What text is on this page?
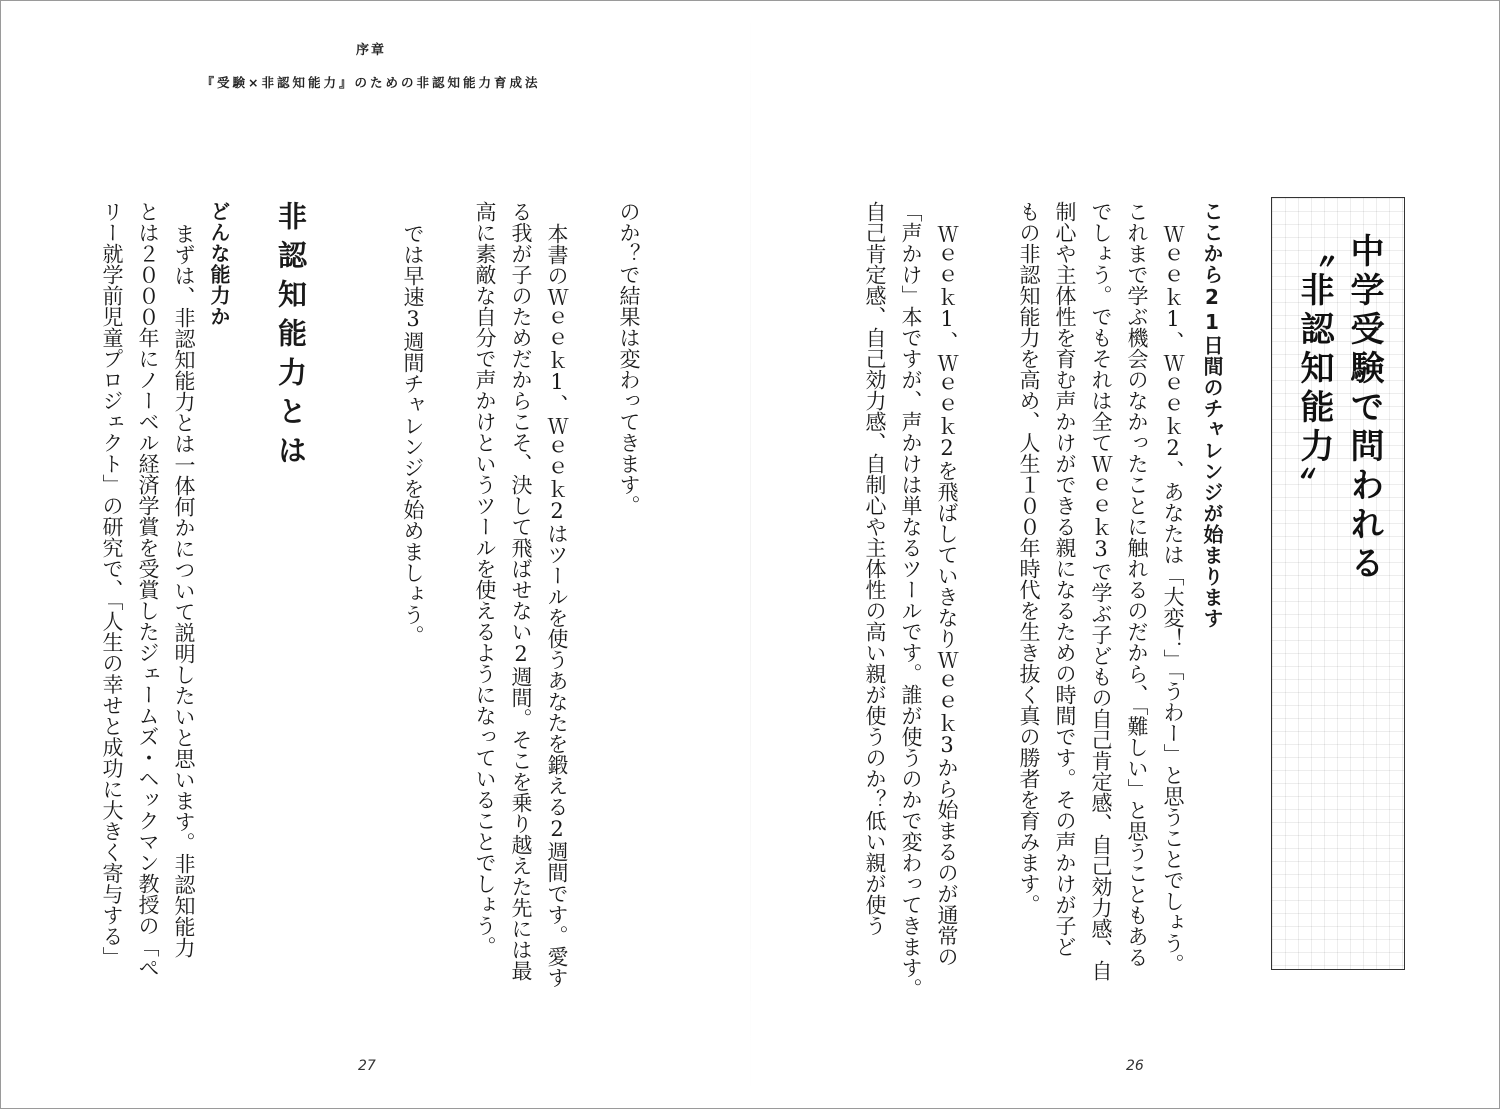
序章
『受験×非認知能力』のための非認知能力育成法
中学受験で問われる
〝非認知能力〟
ここから21日間のチャレンジが始まります
Ｗｅｅｋ1、Ｗｅｅｋ2、あなたは「大変！」「うわー」と思うことでしょう。
これまで学ぶ機会のなかったことに触れるのだから、「難しい」と思うこともある
でしょう。でもそれは全てＷｅｅｋ3で学ぶ子どもの自己肯定感、自己効力感、自
制心や主体性を育む声かけができる親になるための時間です。その声かけが子ど
もの非認知能力を高め、人生１００年時代を生き抜く真の勝者を育みます。
Ｗｅｅｋ1、Ｗｅｅｋ2を飛ばしていきなりＷｅｅｋ3から始まるのが通常の
「声かけ」本ですが、声かけは単なるツールです。誰が使うのかで変わってきます。
自己肯定感、自己効力感、自制心や主体性の高い親が使うのか？低い親が使う
のか？で結果は変わってきます。
本書のＷｅｅｋ1、Ｗｅｅｋ2はツールを使うあなたを鍛える2週間です。愛す
る我が子のためだからこそ、決して飛ばせない2週間。そこを乗り越えた先には最
高に素敵な自分で声かけというツールを使えるようになっていることでしょう。
では早速3週間チャレンジを始めましょう。
非認知能力とは
どんな能力か
まずは、非認知能力とは一体何かについて説明したいと思います。非認知能力
とは２０００年にノーベル経済学賞を受賞したジェームズ・ヘックマン教授の「ぺ
リー就学前児童プロジェクト」の研究で、「人生の幸せと成功に大きく寄与する」
27	26
